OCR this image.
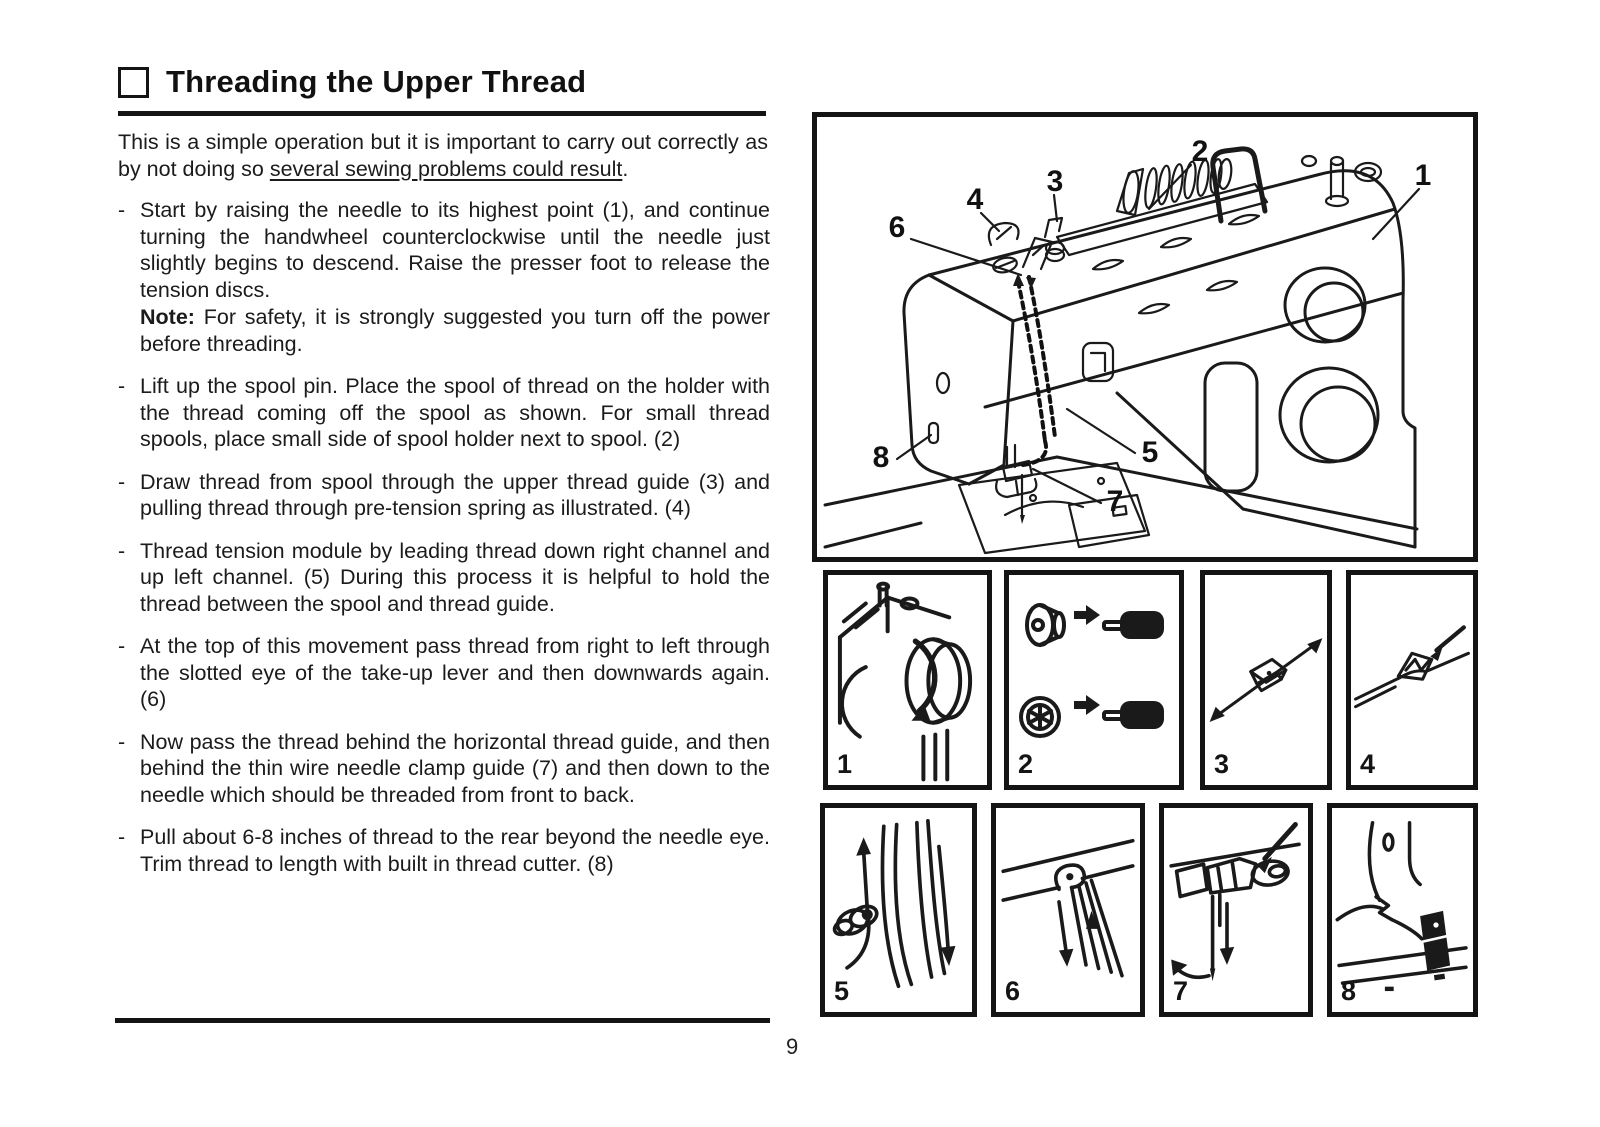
Threading the Upper Thread
This is a simple operation but it is important to carry out correctly as by not doing so several sewing problems could result.
- Start by raising the needle to its highest point (1), and continue turning the handwheel counterclockwise until the needle just slightly begins to descend. Raise the presser foot to release the tension discs.
Note: For safety, it is strongly suggested you turn off the power before threading.
- Lift up the spool pin. Place the spool of thread on the holder with the thread coming off the spool as shown. For small thread spools, place small side of spool holder next to spool. (2)
- Draw thread from spool through the upper thread guide (3) and pulling thread through pre-tension spring as illustrated. (4)
- Thread tension module by leading thread down right channel and up left channel. (5) During this process it is helpful to hold the thread between the spool and thread guide.
- At the top of this movement pass thread from right to left through the slotted eye of the take-up lever and then downwards again. (6)
- Now pass the thread behind the horizontal thread guide, and then behind the thin wire needle clamp guide (7) and then down to the needle which should be threaded from front to back.
- Pull about 6-8 inches of thread to the rear beyond the needle eye. Trim thread to length with built in thread cutter. (8)
9
1
2
3
4
5
6
7
8
1	2	3	4
5	6	7	8
